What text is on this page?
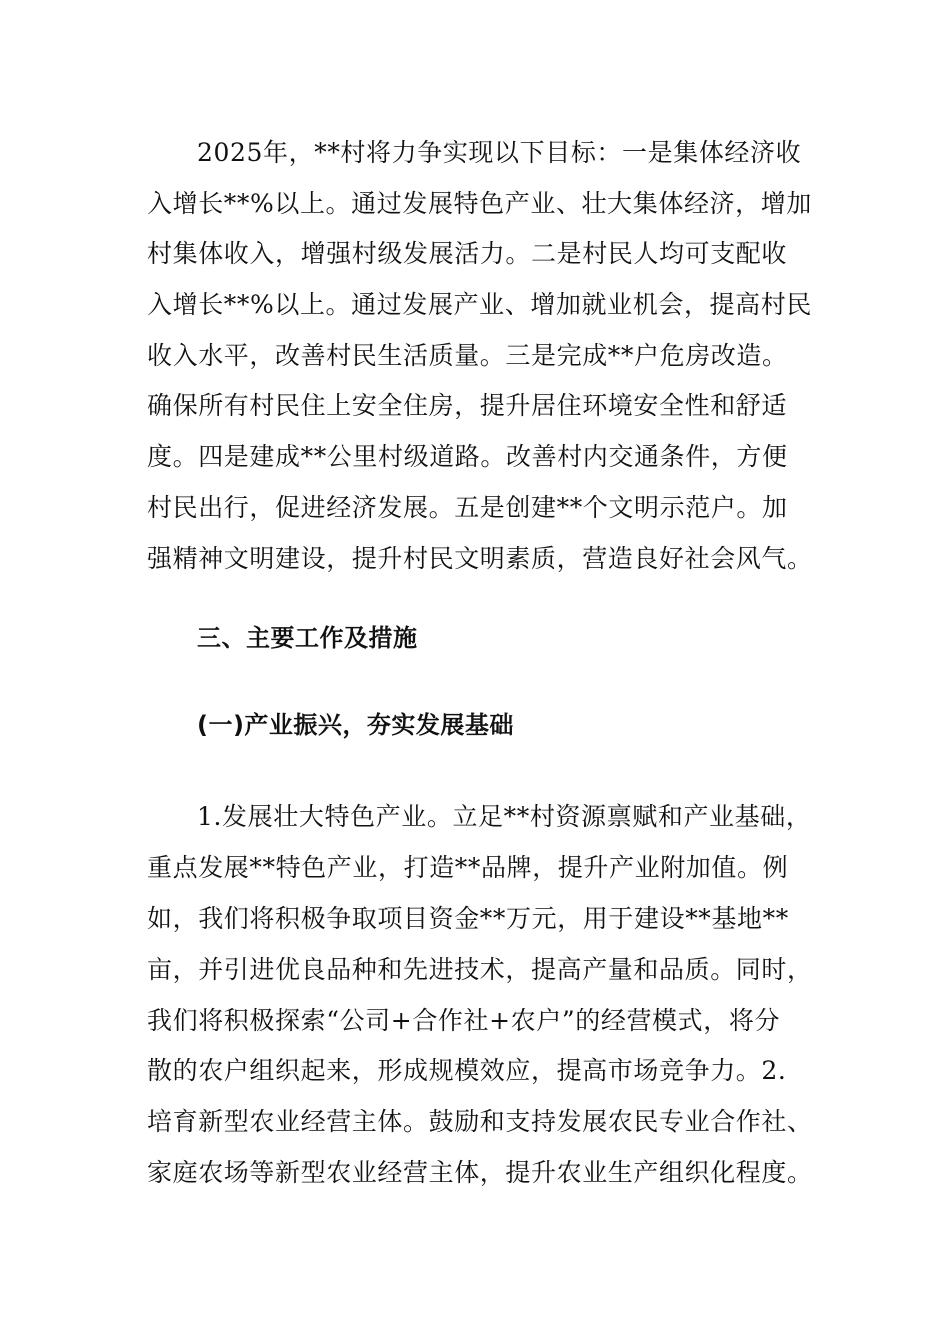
2025年，**村将力争实现以下目标：一是集体经济收
入增长**%以上。通过发展特色产业、壮大集体经济，增加
村集体收入，增强村级发展活力。二是村民人均可支配收
入增长**%以上。通过发展产业、增加就业机会，提高村民
收入水平，改善村民生活质量。三是完成**户危房改造。
确保所有村民住上安全住房，提升居住环境安全性和舒适
度。四是建成**公里村级道路。改善村内交通条件，方便
村民出行，促进经济发展。五是创建**个文明示范户。加
强精神文明建设，提升村民文明素质，营造良好社会风气。
三、主要工作及措施
(一)产业振兴，夯实发展基础
1.发展壮大特色产业。立足**村资源禀赋和产业基础，
重点发展**特色产业，打造**品牌，提升产业附加值。例
如，我们将积极争取项目资金**万元，用于建设**基地**
亩，并引进优良品种和先进技术，提高产量和品质。同时，
我们将积极探索“公司+合作社+农户”的经营模式，将分
散的农户组织起来，形成规模效应，提高市场竞争力。2.
培育新型农业经营主体。鼓励和支持发展农民专业合作社、
家庭农场等新型农业经营主体，提升农业生产组织化程度。
